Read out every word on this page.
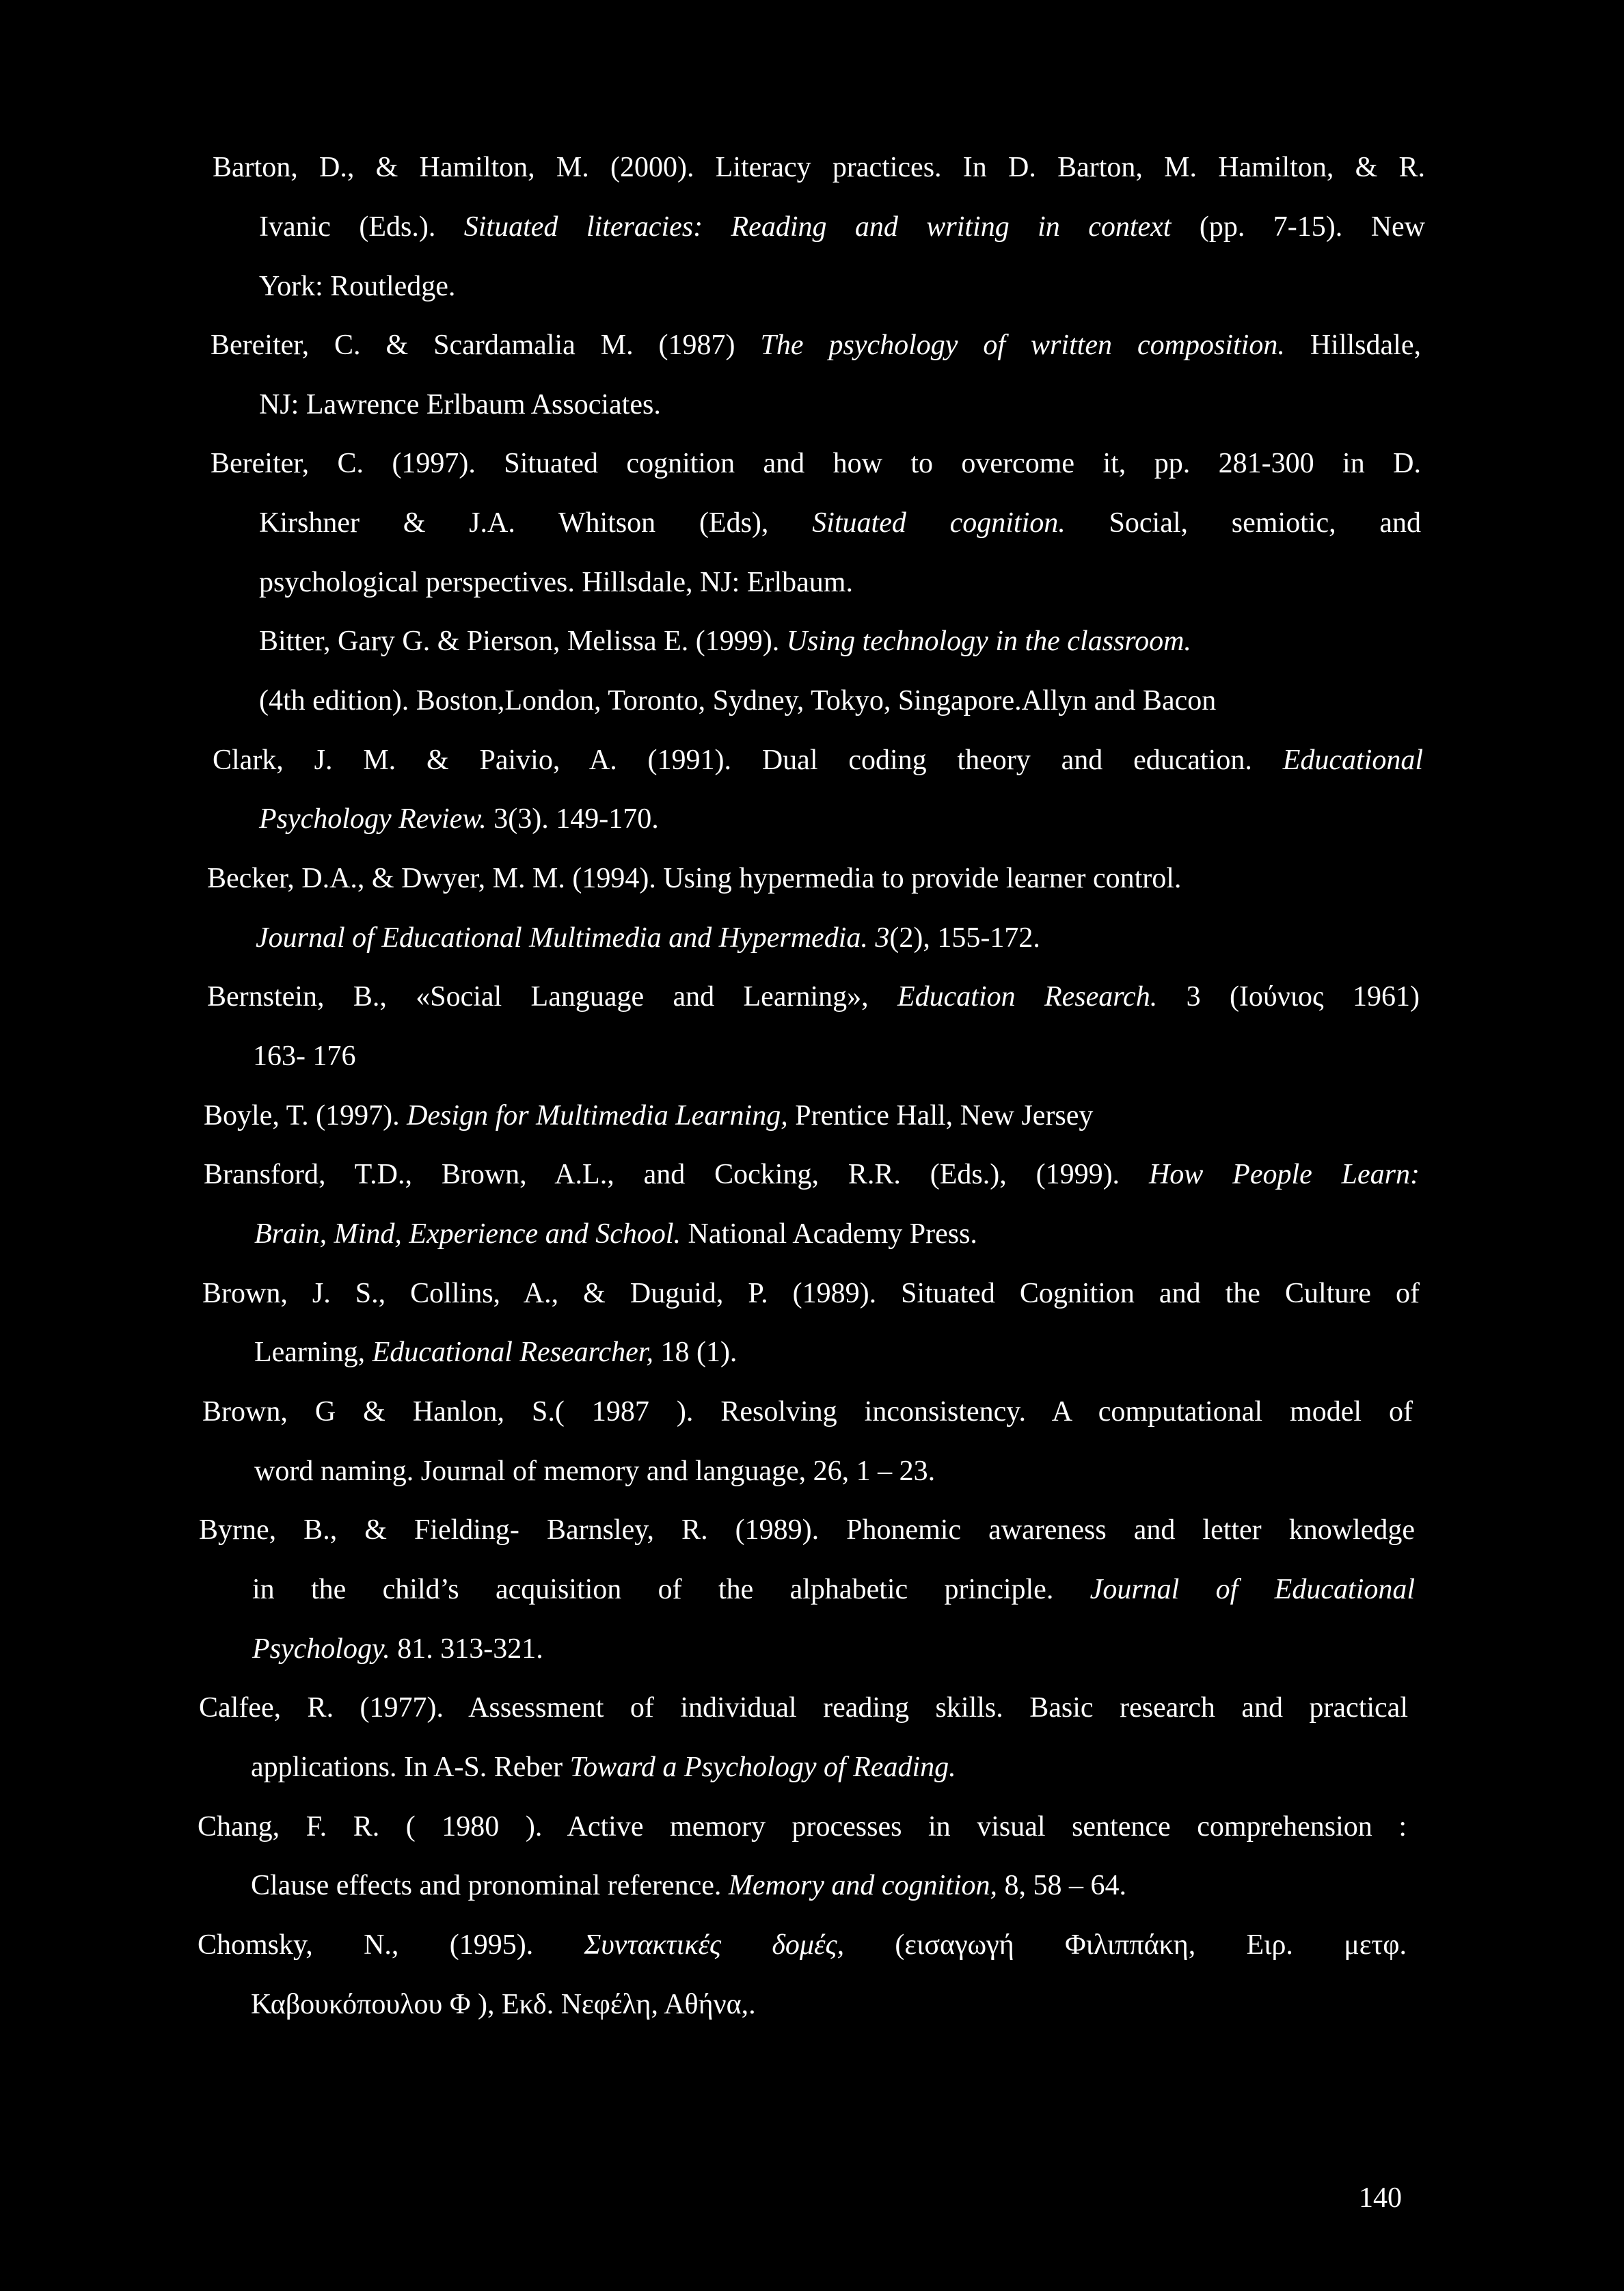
Barton, D., & Hamilton, M. (2000). Literacy practices. In D. Barton, M. Hamilton, & R.

Ivanic (Eds.). Situated literacies: Reading and writing in context (pp. 7-15). New

York: Routledge.

Bereiter, C. & Scardamalia M. (1987) The psychology of written composition. Hillsdale,

NJ: Lawrence Erlbaum Associates.

Bereiter, C. (1997). Situated cognition and how to overcome it, pp. 281-300 in D.

Kirshner & J.A. Whitson (Eds), Situated cognition. Social, semiotic, and

psychological perspectives. Hillsdale, NJ: Erlbaum.

Bitter, Gary G. & Pierson, Melissa E. (1999). Using technology in the classroom.

(4th edition). Boston,London, Toronto, Sydney, Tokyo, Singapore.Allyn and Bacon

Clark, J. M. & Paivio, A. (1991). Dual coding theory and education. Educational

Psychology Review. 3(3). 149-170.

Becker, D.A., & Dwyer, M. M. (1994). Using hypermedia to provide learner control.

Journal of Educational Multimedia and Hypermedia. 3(2), 155-172.

Bernstein, B., «Social Language and Learning», Education Research. 3 (Ιούνιος 1961)

163- 176

Boyle, T. (1997). Design for Multimedia Learning, Prentice Hall, New Jersey

Bransford, T.D., Brown, A.L., and Cocking, R.R. (Eds.), (1999). How People Learn:

Brain, Mind, Experience and School. National Academy Press.

Brown, J. S., Collins, A., & Duguid, P. (1989). Situated Cognition and the Culture of

Learning, Educational Researcher, 18 (1).

Brown, G & Hanlon, S.( 1987 ). Resolving inconsistency. A computational model of

word naming. Journal of memory and language, 26, 1 – 23.

Byrne, B., & Fielding- Barnsley, R. (1989). Phonemic awareness and letter knowledge

in the child’s acquisition of the alphabetic principle. Journal of Educational

Psychology. 81. 313-321.

Calfee, R. (1977). Assessment of individual reading skills. Basic research and practical

applications. In A-S. Reber Toward a Psychology of Reading.

Chang, F. R. ( 1980 ). Active memory processes in visual sentence comprehension :

Clause effects and pronominal reference. Memory and cognition, 8, 58 – 64.

Chomsky, N., (1995). Συντακτικές δομές, (εισαγωγή Φιλιππάκη, Ειρ. μετφ.

Καβουκόπουλου Φ ), Εκδ. Νεφέλη, Αθήνα,.

140
